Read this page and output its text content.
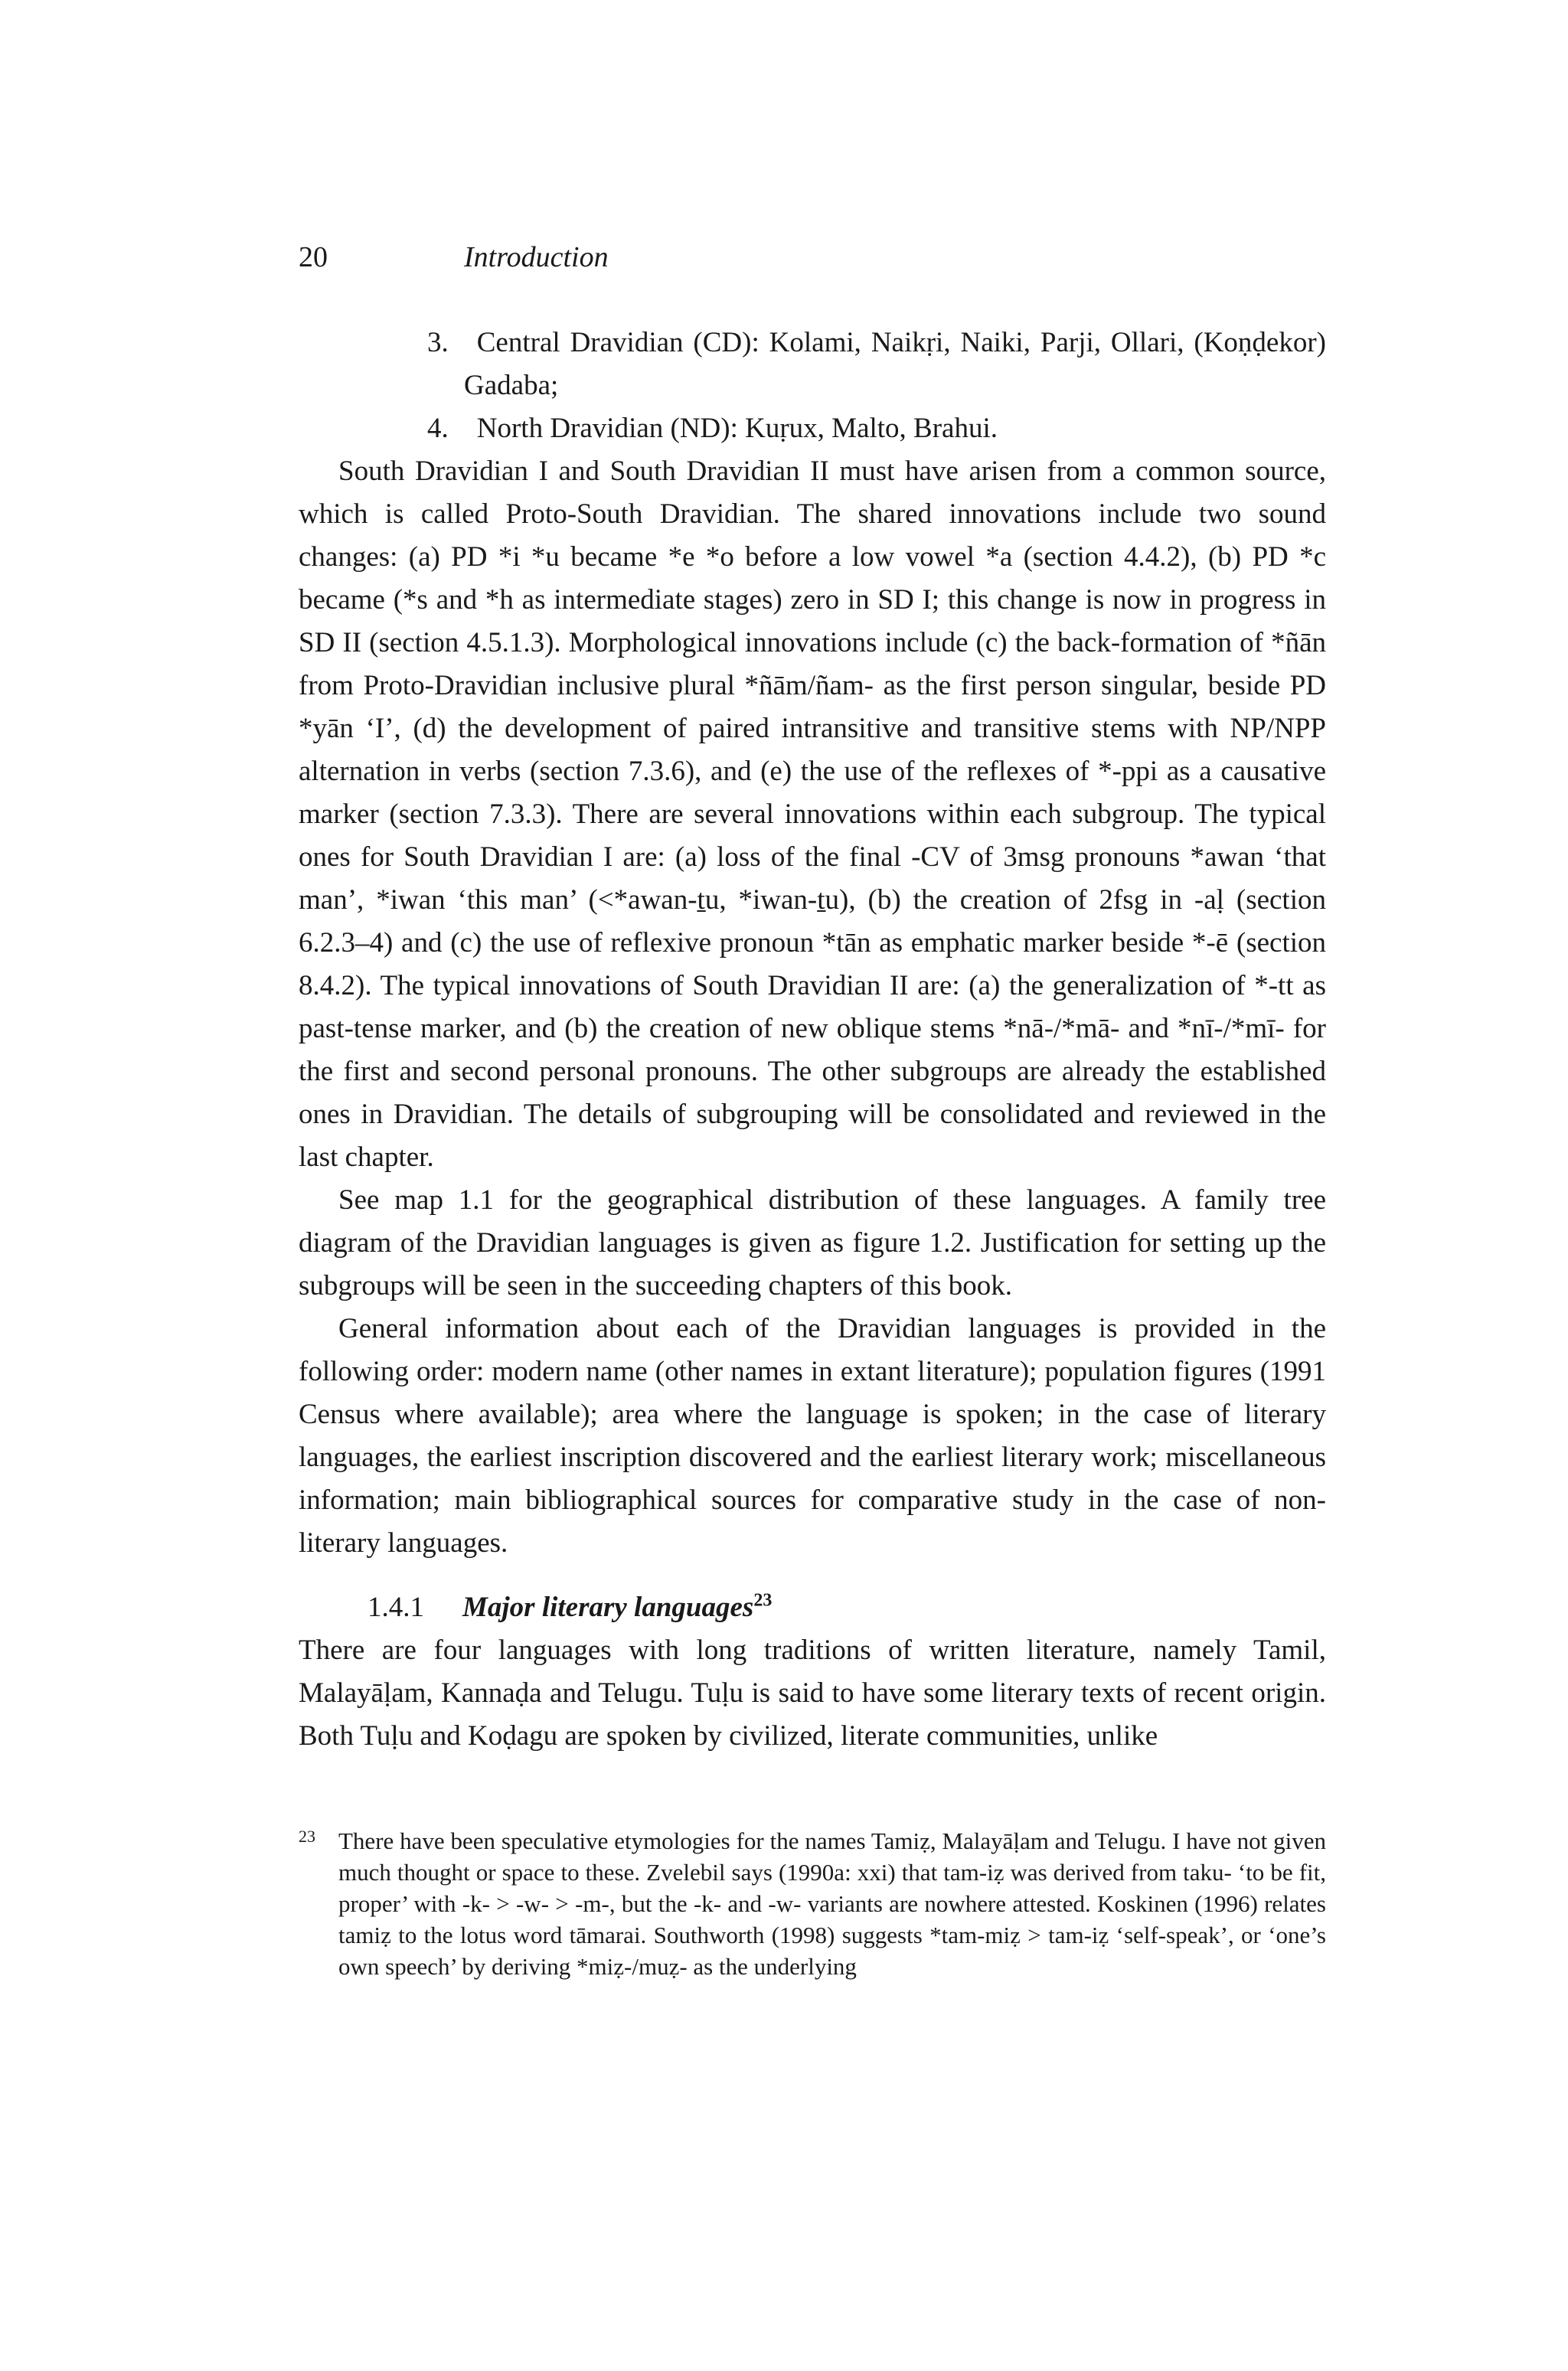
20	Introduction
3. Central Dravidian (CD): Kolami, Naikṛi, Naiki, Parji, Ollari, (Koṇḍekor) Gadaba;
4. North Dravidian (ND): Kuṛux, Malto, Brahui.

South Dravidian I and South Dravidian II must have arisen from a common source, which is called Proto-South Dravidian. The shared innovations include two sound changes: (a) PD *i *u became *e *o before a low vowel *a (section 4.4.2), (b) PD *c became (*s and *h as intermediate stages) zero in SD I; this change is now in progress in SD II (section 4.5.1.3). Morphological innovations include (c) the back-formation of *ñān from Proto-Dravidian inclusive plural *ñām/ñam- as the first person singular, beside PD *yān ‘I’, (d) the development of paired intransitive and transitive stems with NP/NPP alternation in verbs (section 7.3.6), and (e) the use of the reflexes of *-ppi as a causative marker (section 7.3.3). There are several innovations within each subgroup. The typical ones for South Dravidian I are: (a) loss of the final -CV of 3msg pronouns *awan ‘that man’, *iwan ‘this man’ (<*awan-ṯu, *iwan-ṯu), (b) the creation of 2fsg in -aḷ (section 6.2.3–4) and (c) the use of reflexive pronoun *tān as emphatic marker beside *-ē (section 8.4.2). The typical innovations of South Dravidian II are: (a) the generalization of *-tt as past-tense marker, and (b) the creation of new oblique stems *nā-/*mā- and *nī-/*mī- for the first and second personal pronouns. The other subgroups are already the established ones in Dravidian. The details of subgrouping will be consolidated and reviewed in the last chapter.

See map 1.1 for the geographical distribution of these languages. A family tree diagram of the Dravidian languages is given as figure 1.2. Justification for setting up the subgroups will be seen in the succeeding chapters of this book.

General information about each of the Dravidian languages is provided in the following order: modern name (other names in extant literature); population figures (1991 Census where available); area where the language is spoken; in the case of literary languages, the earliest inscription discovered and the earliest literary work; miscellaneous information; main bibliographical sources for comparative study in the case of non-literary languages.

1.4.1 Major literary languages$^{23}$

There are four languages with long traditions of written literature, namely Tamil, Malayāḷam, Kannaḍa and Telugu. Tuḷu is said to have some literary texts of recent origin. Both Tuḷu and Koḍagu are spoken by civilized, literate communities, unlike

23 There have been speculative etymologies for the names Tamiẓ, Malayāḷam and Telugu. I have not given much thought or space to these. Zvelebil says (1990a: xxi) that tam-iẓ was derived from taku- ‘to be fit, proper’ with -k- > -w- > -m-, but the -k- and -w- variants are nowhere attested. Koskinen (1996) relates tamiẓ to the lotus word tāmarai. Southworth (1998) suggests *tam-miẓ > tam-iẓ ‘self-speak’, or ‘one’s own speech’ by deriving *miẓ-/muẓ- as the underlying
